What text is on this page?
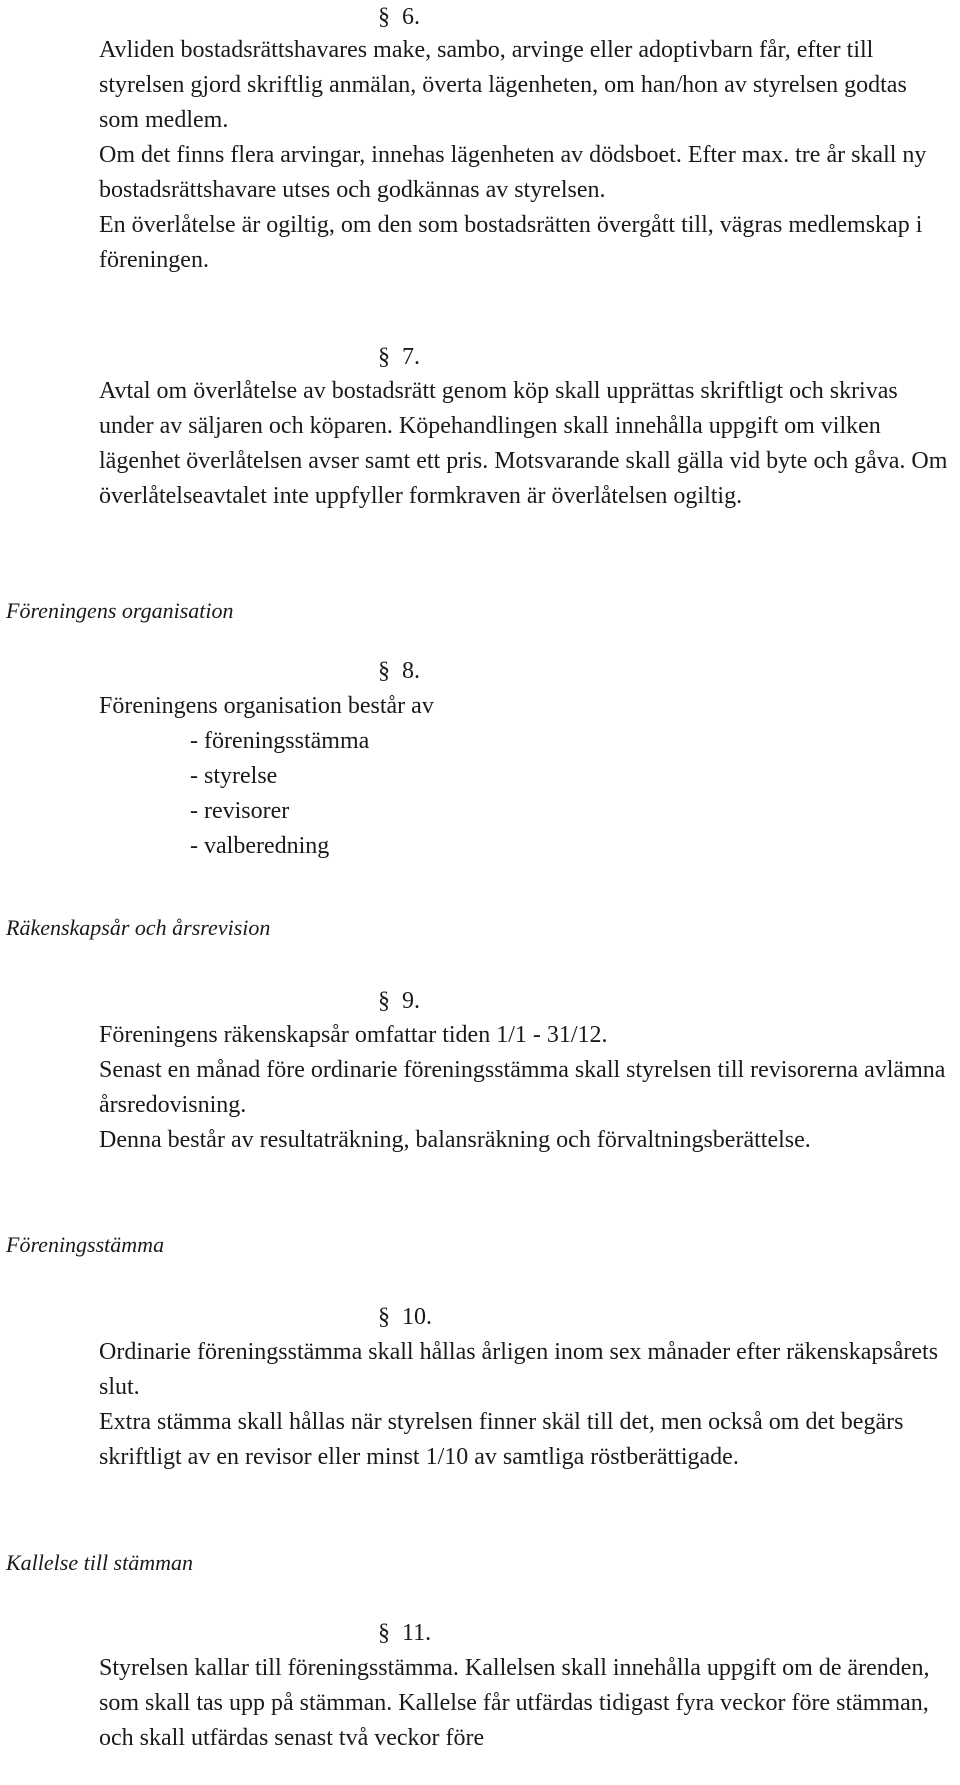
§ 6.

Avliden bostadsrättshavares make, sambo, arvinge eller adoptivbarn får, efter till styrelsen gjord skriftlig anmälan, överta lägenheten, om han/hon av styrelsen godtas som medlem.

Om det finns flera arvingar, innehas lägenheten av dödsboet. Efter max. tre år skall ny bostadsrättshavare utses och godkännas av styrelsen.

En överlåtelse är ogiltig, om den som bostadsrätten övergått till, vägras medlemskap i föreningen.

§ 7.

Avtal om överlåtelse av bostadsrätt genom köp skall upprättas skriftligt och skrivas under av säljaren och köparen. Köpehandlingen skall innehålla uppgift om vilken lägenhet överlåtelsen avser samt ett pris. Motsvarande skall gälla vid byte och gåva. Om överlåtelseavtalet inte uppfyller formkraven är överlåtelsen ogiltig.

Föreningens organisation
§ 8.

Föreningens organisation består av

- föreningsstämma
- styrelse
- revisorer
- valberedning
Räkenskapsår och årsrevision
§ 9.

Föreningens räkenskapsår omfattar tiden 1/1 - 31/12.

Senast en månad före ordinarie föreningsstämma skall styrelsen till revisorerna avlämna årsredovisning.

Denna består av resultaträkning, balansräkning och förvaltningsberättelse.

Föreningsstämma
§ 10.

Ordinarie föreningsstämma skall hållas årligen inom sex månader efter räkenskapsårets slut.

Extra stämma skall hållas när styrelsen finner skäl till det, men också om det begärs skriftligt av en revisor eller minst 1/10 av samtliga röstberättigade.

Kallelse till stämman
§ 11.

Styrelsen kallar till föreningsstämma. Kallelsen skall innehålla uppgift om de ärenden, som skall tas upp på stämman. Kallelse får utfärdas tidigast fyra veckor före stämman, och skall utfärdas senast två veckor före
